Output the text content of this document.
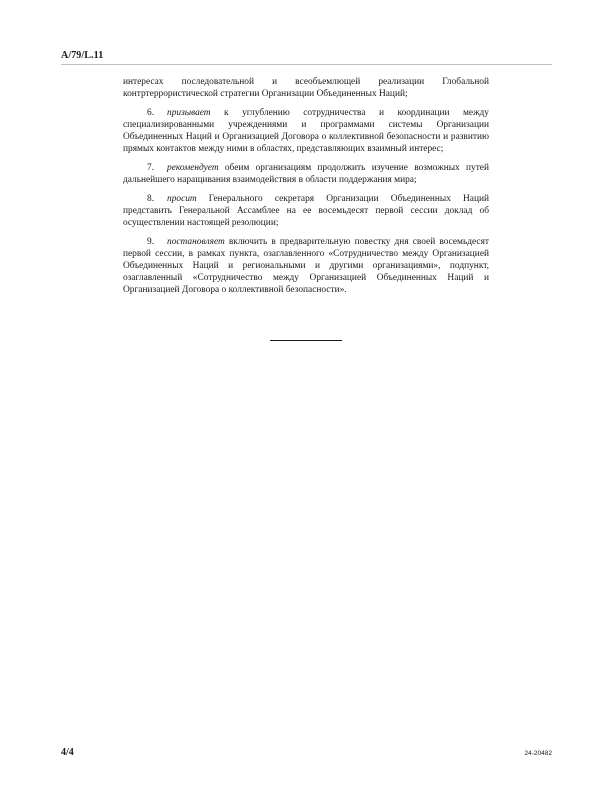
A/79/L.11

интересах последовательной и всеобъемлющей реализации Глобальной контртеррористической стратегии Организации Объединенных Наций;

6. призывает к углублению сотрудничества и координации между специализированными учреждениями и программами системы Организации Объединенных Наций и Организацией Договора о коллективной безопасности и развитию прямых контактов между ними в областях, представляющих взаимный интерес;

7. рекомендует обеим организациям продолжить изучение возможных путей дальнейшего наращивания взаимодействия в области поддержания мира;

8. просит Генерального секретаря Организации Объединенных Наций представить Генеральной Ассамблее на ее восемьдесят первой сессии доклад об осуществлении настоящей резолюции;

9. постановляет включить в предварительную повестку дня своей восемьдесят первой сессии, в рамках пункта, озаглавленного «Сотрудничество между Организацией Объединенных Наций и региональными и другими организациями», подпункт, озаглавленный «Сотрудничество между Организацией Объединенных Наций и Организацией Договора о коллективной безопасности».

4/4	24-20482
